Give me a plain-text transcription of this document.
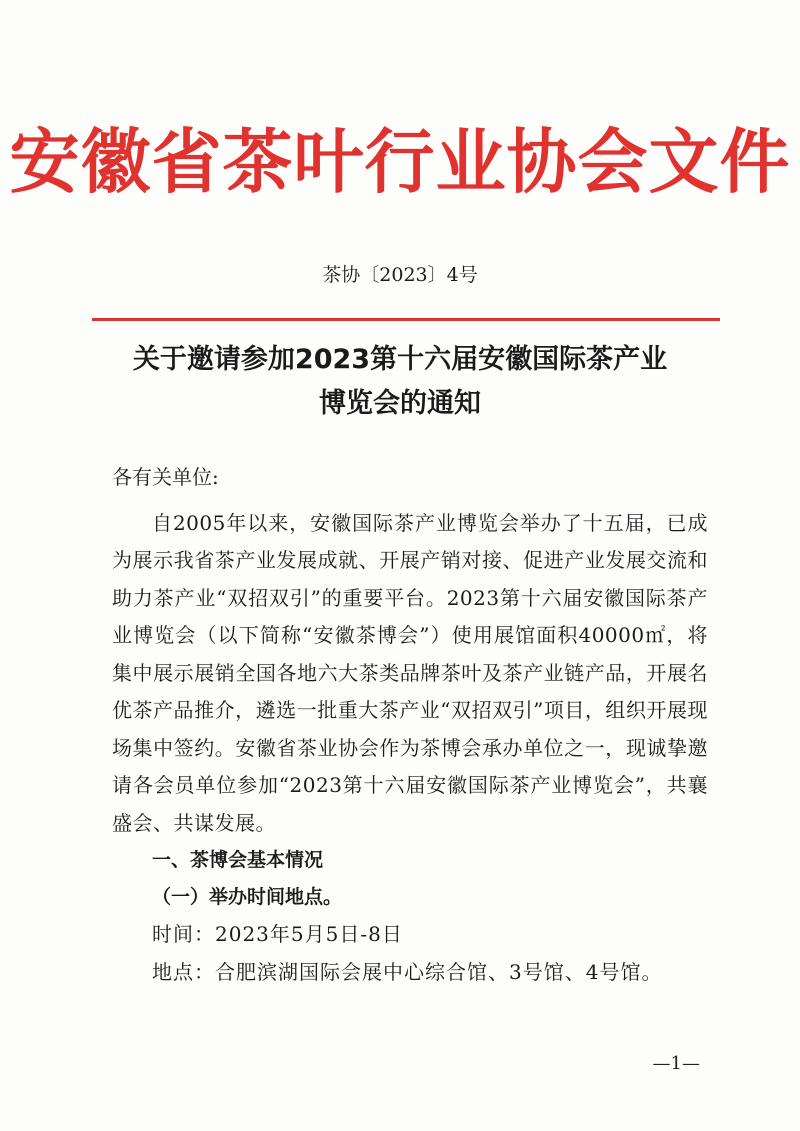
安徽省茶叶行业协会文件
茶协〔2023〕4号
关于邀请参加2023第十六届安徽国际茶产业
博览会的通知

各有关单位:

自2005年以来，安徽国际茶产业博览会举办了十五届，已成为展示我省茶产业发展成就、开展产销对接、促进产业发展交流和助力茶产业“双招双引”的重要平台。2023第十六届安徽国际茶产业博览会（以下简称“安徽茶博会”）使用展馆面积40000㎡，将集中展示展销全国各地六大茶类品牌茶叶及茶产业链产品，开展名优茶产品推介，遴选一批重大茶产业“双招双引”项目，组织开展现场集中签约。安徽省茶业协会作为茶博会承办单位之一，现诚挚邀请各会员单位参加“2023第十六届安徽国际茶产业博览会”，共襄盛会、共谋发展。

一、茶博会基本情况

（一）举办时间地点。

时间：2023年5月5日-8日

地点：合肥滨湖国际会展中心综合馆、3号馆、4号馆。

—1—
